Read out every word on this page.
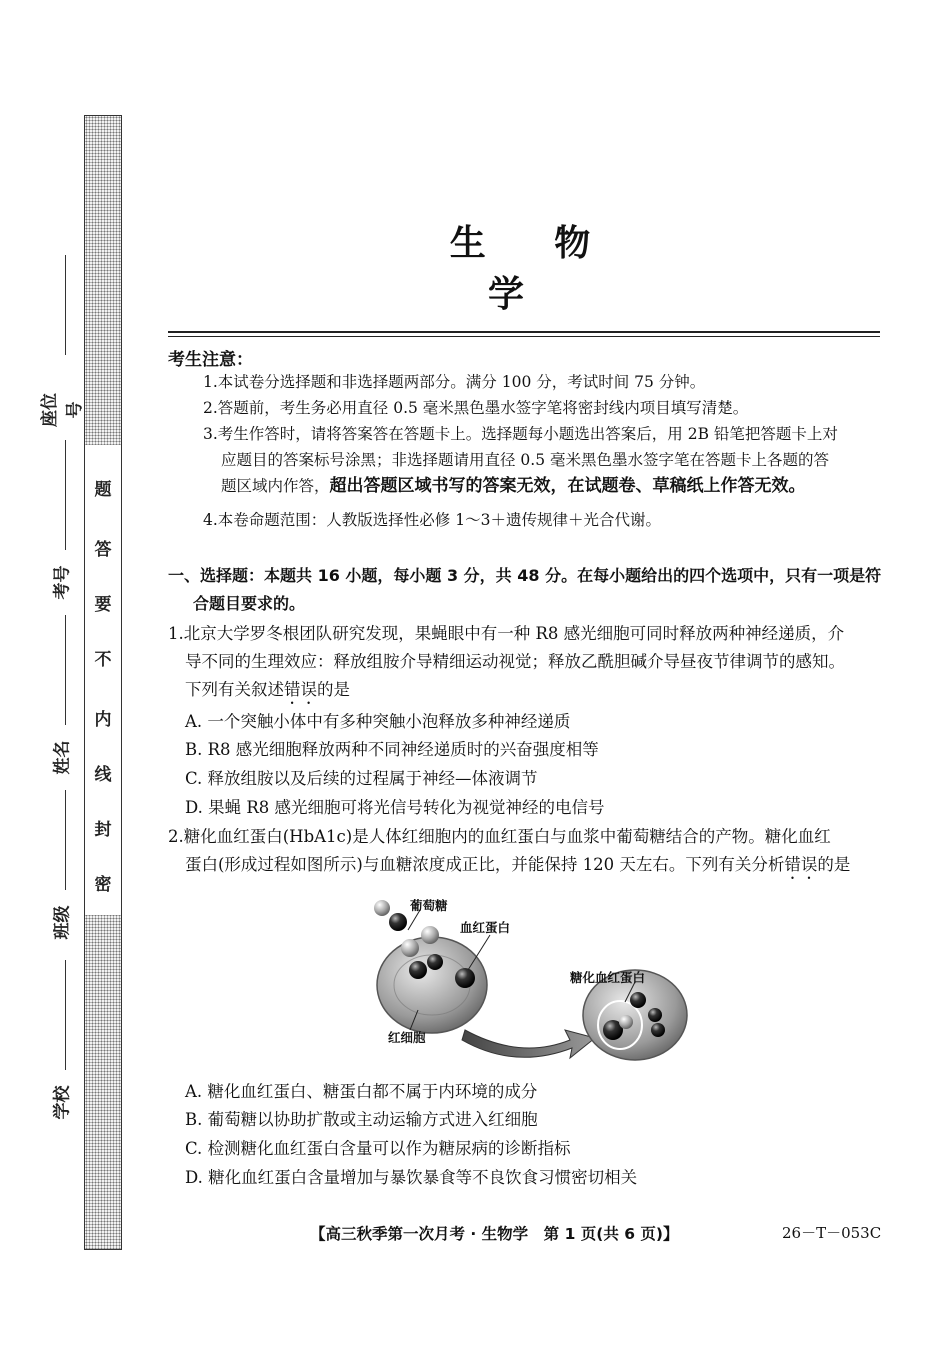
题
答
要
不
内
线
封
密
座位号
考号
姓名
班级
学校
生 物 学
考生注意：
1.本试卷分选择题和非选择题两部分。满分 100 分，考试时间 75 分钟。
2.答题前，考生务必用直径 0.5 毫米黑色墨水签字笔将密封线内项目填写清楚。
3.考生作答时，请将答案答在答题卡上。选择题每小题选出答案后，用 2B 铅笔把答题卡上对
应题目的答案标号涂黑；非选择题请用直径 0.5 毫米黑色墨水签字笔在答题卡上各题的答
题区域内作答，超出答题区域书写的答案无效，在试题卷、草稿纸上作答无效。
4.本卷命题范围：人教版选择性必修 1～3＋遗传规律＋光合代谢。
一、选择题：本题共 16 小题，每小题 3 分，共 48 分。在每小题给出的四个选项中，只有一项是符
合题目要求的。
1.北京大学罗冬根团队研究发现，果蝇眼中有一种 R8 感光细胞可同时释放两种神经递质，介
导不同的生理效应：释放组胺介导精细运动视觉；释放乙酰胆碱介导昼夜节律调节的感知。
下列有关叙述错误的是
A. 一个突触小体中有多种突触小泡释放多种神经递质
B. R8 感光细胞释放两种不同神经递质时的兴奋强度相等
C. 释放组胺以及后续的过程属于神经—体液调节
D. 果蝇 R8 感光细胞可将光信号转化为视觉神经的电信号
2.糖化血红蛋白(HbA1c)是人体红细胞内的血红蛋白与血浆中葡萄糖结合的产物。糖化血红
蛋白(形成过程如图所示)与血糖浓度成正比，并能保持 120 天左右。下列有关分析错误的是
葡萄糖
血红蛋白
红细胞
糖化血红蛋白
A. 糖化血红蛋白、糖蛋白都不属于内环境的成分
B. 葡萄糖以协助扩散或主动运输方式进入红细胞
C. 检测糖化血红蛋白含量可以作为糖尿病的诊断指标
D. 糖化血红蛋白含量增加与暴饮暴食等不良饮食习惯密切相关
【高三秋季第一次月考 · 生物学　第 1 页(共 6 页)】	26－T－053C
